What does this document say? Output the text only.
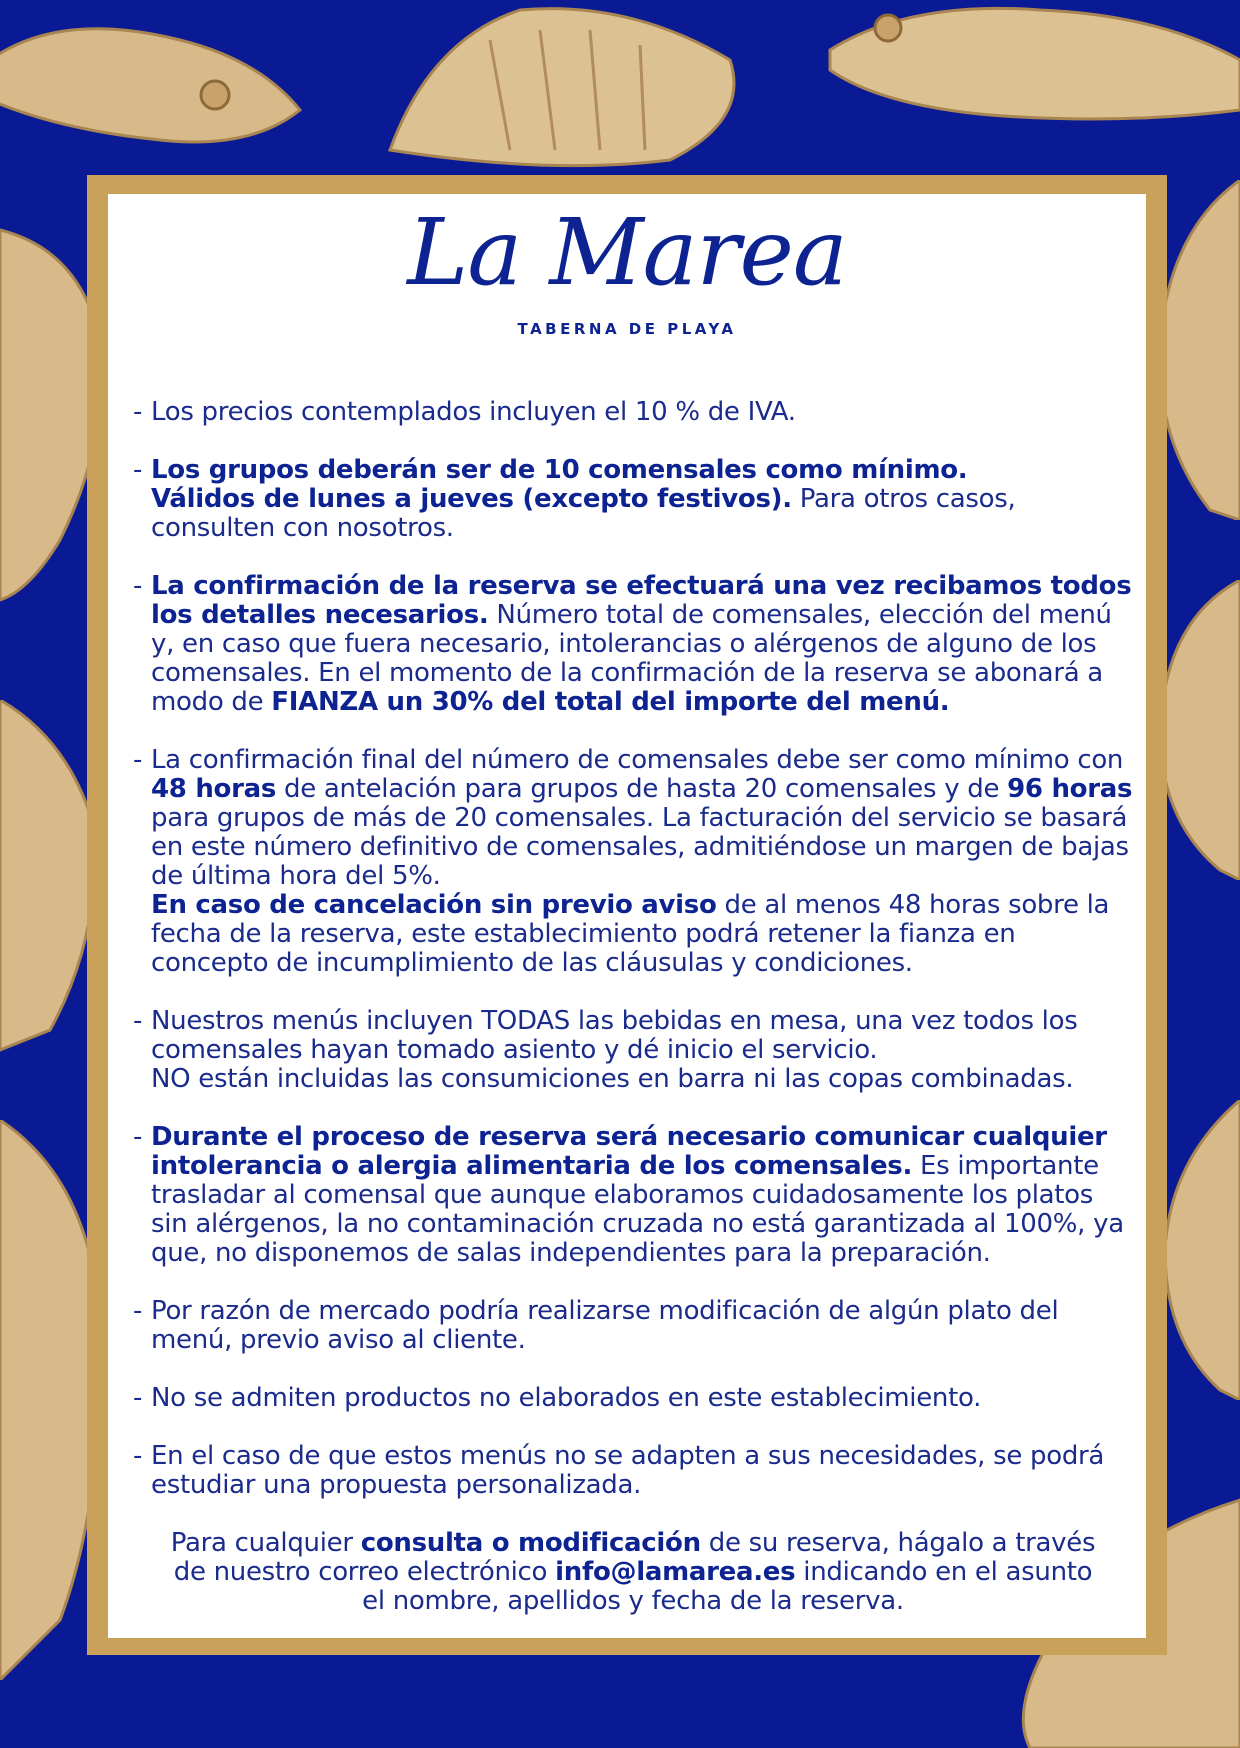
La Marea
TABERNA DE PLAYA
- Los precios contemplados incluyen el 10 % de IVA.
- Los grupos deberán ser de 10 comensales como mínimo.
Válidos de lunes a jueves (excepto festivos). Para otros casos, consulten con nosotros.
- La confirmación de la reserva se efectuará una vez recibamos todos los detalles necesarios. Número total de comensales, elección del menú y, en caso que fuera necesario, intolerancias o alérgenos de alguno de los comensales. En el momento de la confirmación de la reserva se abonará a modo de FIANZA un 30% del total del importe del menú.
- La confirmación final del número de comensales debe ser como mínimo con 48 horas de antelación para grupos de hasta 20 comensales y de 96 horas para grupos de más de 20 comensales. La facturación del servicio se basará en este número definitivo de comensales, admitiéndose un margen de bajas de última hora del 5%.
En caso de cancelación sin previo aviso de al menos 48 horas sobre la fecha de la reserva, este establecimiento podrá retener la fianza en concepto de incumplimiento de las cláusulas y condiciones.
- Nuestros menús incluyen TODAS las bebidas en mesa, una vez todos los comensales hayan tomado asiento y dé inicio el servicio.
NO están incluidas las consumiciones en barra ni las copas combinadas.
- Durante el proceso de reserva será necesario comunicar cualquier intolerancia o alergia alimentaria de los comensales. Es importante trasladar al comensal que aunque elaboramos cuidadosamente los platos sin alérgenos, la no contaminación cruzada no está garantizada al 100%, ya que, no disponemos de salas independientes para la preparación.
- Por razón de mercado podría realizarse modificación de algún plato del menú, previo aviso al cliente.
- No se admiten productos no elaborados en este establecimiento.
- En el caso de que estos menús no se adapten a sus necesidades, se podrá estudiar una propuesta personalizada.
Para cualquier consulta o modificación de su reserva, hágalo a través de nuestro correo electrónico info@lamarea.es indicando en el asunto el nombre, apellidos y fecha de la reserva.
